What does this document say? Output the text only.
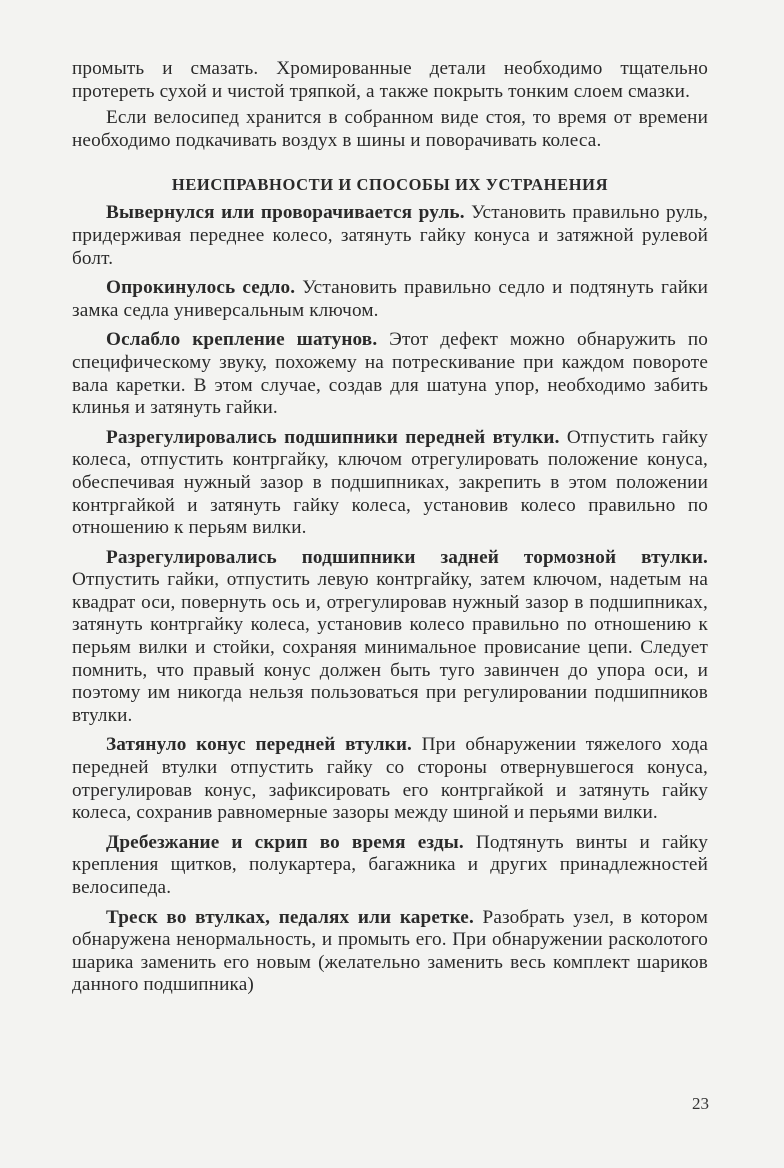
промыть и смазать. Хромированные детали необходимо тщательно протереть сухой и чистой тряпкой, а также покрыть тонким слоем смазки.

Если велосипед хранится в собранном виде стоя, то время от времени необходимо подкачивать воздух в шины и поворачивать колеса.

НЕИСПРАВНОСТИ И СПОСОБЫ ИХ УСТРАНЕНИЯ

Вывернулся или проворачивается руль. Установить правильно руль, придерживая переднее колесо, затянуть гайку конуса и затяжной рулевой болт.

Опрокинулось седло. Установить правильно седло и подтянуть гайки замка седла универсальным ключом.

Ослабло крепление шатунов. Этот дефект можно обнаружить по специфическому звуку, похожему на потрескивание при каждом повороте вала каретки. В этом случае, создав для шатуна упор, необходимо забить клинья и затянуть гайки.

Разрегулировались подшипники передней втулки. Отпустить гайку колеса, отпустить контргайку, ключом отрегулировать положение конуса, обеспечивая нужный зазор в подшипниках, закрепить в этом положении контргайкой и затянуть гайку колеса, установив колесо правильно по отношению к перьям вилки.

Разрегулировались подшипники задней тормозной втулки. Отпустить гайки, отпустить левую контргайку, затем ключом, надетым на квадрат оси, повернуть ось и, отрегулировав нужный зазор в подшипниках, затянуть контргайку колеса, установив колесо правильно по отношению к перьям вилки и стойки, сохраняя минимальное провисание цепи. Следует помнить, что правый конус должен быть туго завинчен до упора оси, и поэтому им никогда нельзя пользоваться при регулировании подшипников втулки.

Затянуло конус передней втулки. При обнаружении тяжелого хода передней втулки отпустить гайку со стороны отвернувшегося конуса, отрегулировав конус, зафиксировать его контргайкой и затянуть гайку колеса, сохранив равномерные зазоры между шиной и перьями вилки.

Дребезжание и скрип во время езды. Подтянуть винты и гайку крепления щитков, полукартера, багажника и других принадлежностей велосипеда.

Треск во втулках, педалях или каретке. Разобрать узел, в котором обнаружена ненормальность, и промыть его. При обнаружении расколотого шарика заменить его новым (желательно заменить весь комплект шариков данного подшипника)

23
